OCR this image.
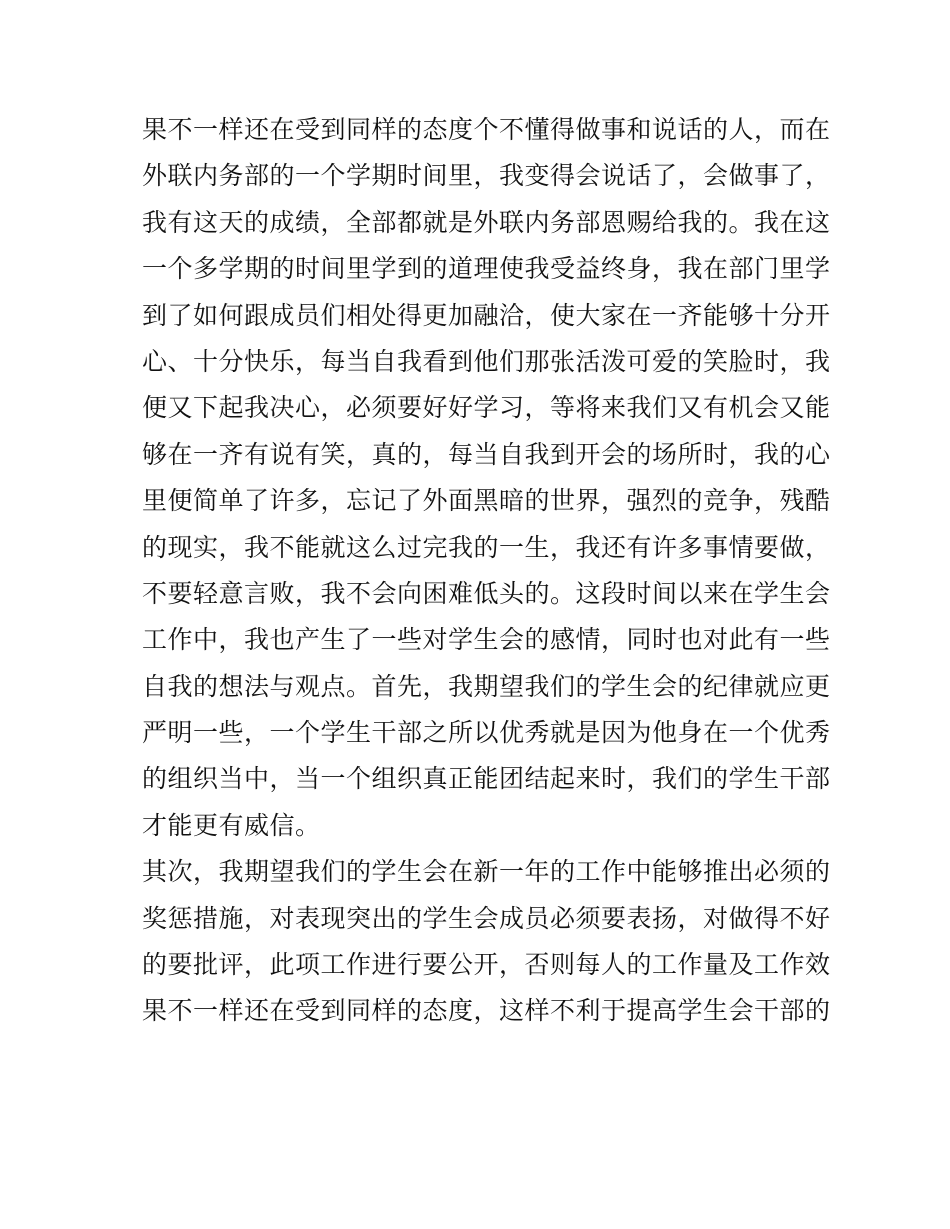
果不一样还在受到同样的态度个不懂得做事和说话的人，而在
外联内务部的一个学期时间里，我变得会说话了，会做事了，
我有这天的成绩，全部都就是外联内务部恩赐给我的。我在这
一个多学期的时间里学到的道理使我受益终身，我在部门里学
到了如何跟成员们相处得更加融洽，使大家在一齐能够十分开
心、十分快乐，每当自我看到他们那张活泼可爱的笑脸时，我
便又下起我决心，必须要好好学习，等将来我们又有机会又能
够在一齐有说有笑，真的，每当自我到开会的场所时，我的心
里便简单了许多，忘记了外面黑暗的世界，强烈的竞争，残酷
的现实，我不能就这么过完我的一生，我还有许多事情要做，
不要轻意言败，我不会向困难低头的。这段时间以来在学生会
工作中，我也产生了一些对学生会的感情，同时也对此有一些
自我的想法与观点。首先，我期望我们的学生会的纪律就应更
严明一些，一个学生干部之所以优秀就是因为他身在一个优秀
的组织当中，当一个组织真正能团结起来时，我们的学生干部
才能更有威信。
其次，我期望我们的学生会在新一年的工作中能够推出必须的
奖惩措施，对表现突出的学生会成员必须要表扬，对做得不好
的要批评，此项工作进行要公开，否则每人的工作量及工作效
果不一样还在受到同样的态度，这样不利于提高学生会干部的
